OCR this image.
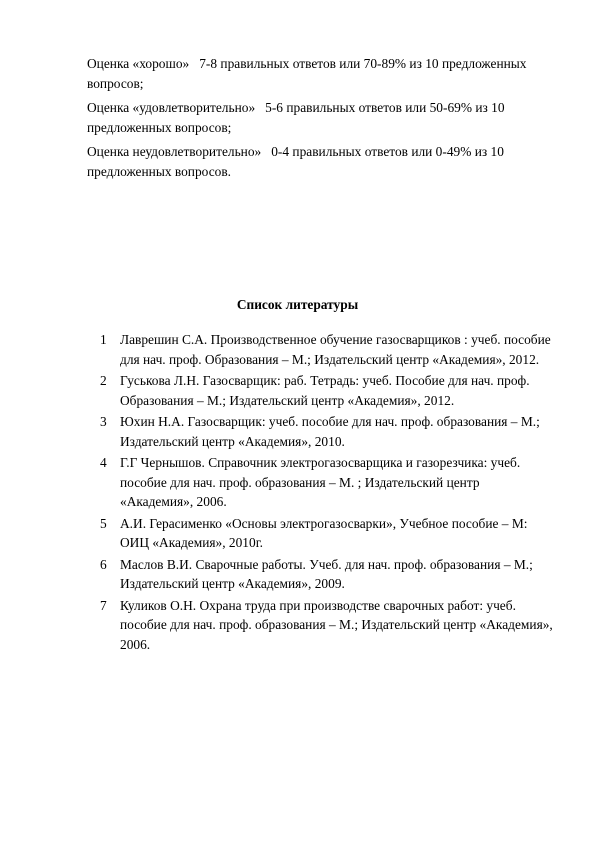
Оценка «хорошо» 7-8 правильных ответов или 70-89% из 10 предложенных вопросов;

Оценка «удовлетворительно» 5-6 правильных ответов или 50-69% из 10 предложенных вопросов;

Оценка неудовлетворительно» 0-4 правильных ответов или 0-49% из 10 предложенных вопросов.

Список литературы
1 Лаврешин С.А. Производственное обучение газосварщиков : учеб. пособие для нач. проф. Образования – М.; Издательский центр «Академия», 2012.
2 Гуськова Л.Н. Газосварщик: раб. Тетрадь: учеб. Пособие для нач. проф. Образования – М.; Издательский центр «Академия», 2012.
3 Юхин Н.А. Газосварщик: учеб. пособие для нач. проф. образования – М.; Издательский центр «Академия», 2010.
4 Г.Г Чернышов. Справочник электрогазосварщика и газорезчика: учеб. пособие для нач. проф. образования – М. ; Издательский центр «Академия», 2006.
5 А.И. Герасименко «Основы электрогазосварки», Учебное пособие – М: ОИЦ «Академия», 2010г.
6 Маслов В.И. Сварочные работы. Учеб. для нач. проф. образования – М.; Издательский центр «Академия», 2009.
7 Куликов О.Н. Охрана труда при производстве сварочных работ: учеб. пособие для нач. проф. образования – М.; Издательский центр «Академия», 2006.
